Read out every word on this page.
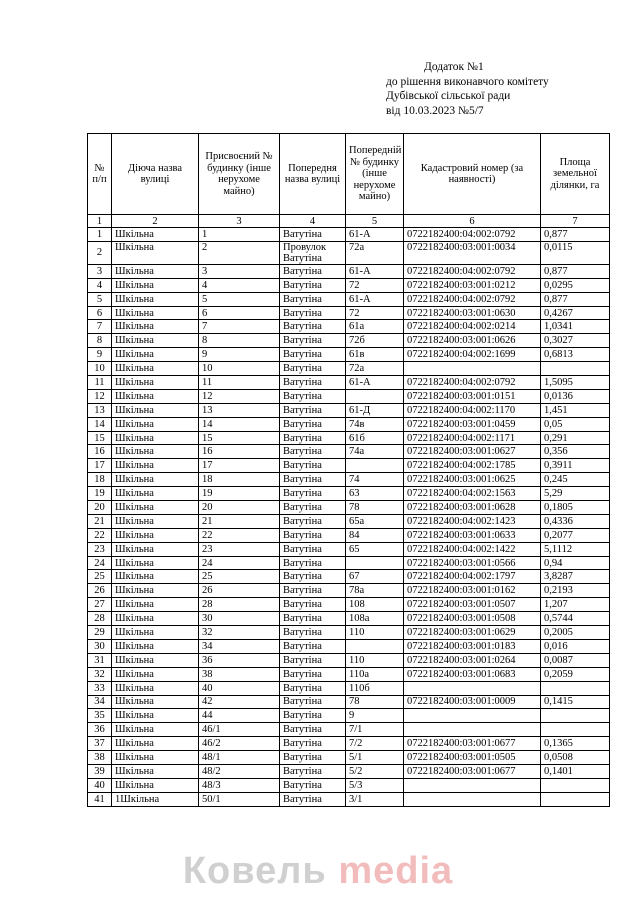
Додаток №1
до рішення виконавчого комітету
Дубівської сільської ради
від 10.03.2023 №5/7
№ п/п	Діюча назва вулиці	Присвоєний № будинку (інше нерухоме майно)	Попередня назва вулиці	Попередній № будинку (інше нерухоме майно)	Кадастровий номер (за наявності)	Площа земельної ділянки, га
1	2	3	4	5	6	7
1	Шкільна	1	Ватутіна	61-А	0722182400:04:002:0792	0,877
2	Шкільна	2	Провулок Ватутіна	72а	0722182400:03:001:0034	0,0115
3	Шкільна	3	Ватутіна	61-А	0722182400:04:002:0792	0,877
4	Шкільна	4	Ватутіна	72	0722182400:03:001:0212	0,0295
5	Шкільна	5	Ватутіна	61-А	0722182400:04:002:0792	0,877
6	Шкільна	6	Ватутіна	72	0722182400:03:001:0630	0,4267
7	Шкільна	7	Ватутіна	61а	0722182400:04:002:0214	1,0341
8	Шкільна	8	Ватутіна	72б	0722182400:03:001:0626	0,3027
9	Шкільна	9	Ватутіна	61в	0722182400:04:002:1699	0,6813
10	Шкільна	10	Ватутіна	72а		
11	Шкільна	11	Ватутіна	61-А	0722182400:04:002:0792	1,5095
12	Шкільна	12	Ватутіна		0722182400:03:001:0151	0,0136
13	Шкільна	13	Ватутіна	61-Д	0722182400:04:002:1170	1,451
14	Шкільна	14	Ватутіна	74в	0722182400:03:001:0459	0,05
15	Шкільна	15	Ватутіна	61б	0722182400:04:002:1171	0,291
16	Шкільна	16	Ватутіна	74а	0722182400:03:001:0627	0,356
17	Шкільна	17	Ватутіна		0722182400:04:002:1785	0,3911
18	Шкільна	18	Ватутіна	74	0722182400:03:001:0625	0,245
19	Шкільна	19	Ватутіна	63	0722182400:04:002:1563	5,29
20	Шкільна	20	Ватутіна	78	0722182400:03:001:0628	0,1805
21	Шкільна	21	Ватутіна	65а	0722182400:04:002:1423	0,4336
22	Шкільна	22	Ватутіна	84	0722182400:03:001:0633	0,2077
23	Шкільна	23	Ватутіна	65	0722182400:04:002:1422	5,1112
24	Шкільна	24	Ватутіна		0722182400:03:001:0566	0,94
25	Шкільна	25	Ватутіна	67	0722182400:04:002:1797	3,8287
26	Шкільна	26	Ватутіна	78а	0722182400:03:001:0162	0,2193
27	Шкільна	28	Ватутіна	108	0722182400:03:001:0507	1,207
28	Шкільна	30	Ватутіна	108а	0722182400:03:001:0508	0,5744
29	Шкільна	32	Ватутіна	110	0722182400:03:001:0629	0,2005
30	Шкільна	34	Ватутіна		0722182400:03:001:0183	0,016
31	Шкільна	36	Ватутіна	110	0722182400:03:001:0264	0,0087
32	Шкільна	38	Ватутіна	110а	0722182400:03:001:0683	0,2059
33	Шкільна	40	Ватутіна	110б		
34	Шкільна	42	Ватутіна	78	0722182400:03:001:0009	0,1415
35	Шкільна	44	Ватутіна	9		
36	Шкільна	46/1	Ватутіна	7/1		
37	Шкільна	46/2	Ватутіна	7/2	0722182400:03:001:0677	0,1365
38	Шкільна	48/1	Ватутіна	5/1	0722182400:03:001:0505	0,0508
39	Шкільна	48/2	Ватутіна	5/2	0722182400:03:001:0677	0,1401
40	Шкільна	48/3	Ватутіна	5/3		
41	1Шкільна	50/1	Ватутіна	3/1		
Ковель media
